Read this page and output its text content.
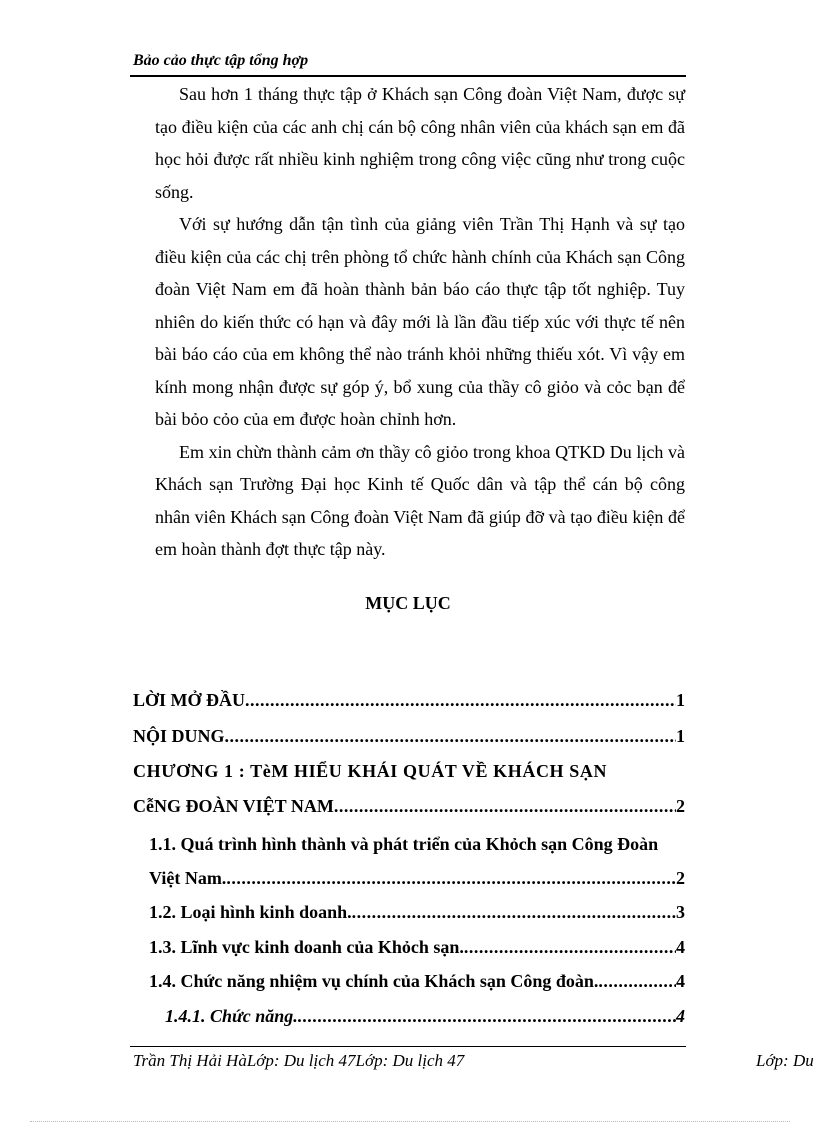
Bảo cảo thực tập tổng hợp

Sau hơn 1 tháng thực tập ở Khách sạn Công đoàn Việt Nam, được sự tạo điều kiện của các anh chị cán bộ công nhân viên của khách sạn em đã học hỏi được rất nhiều kinh nghiệm trong công việc cũng như trong cuộc sống.

Với sự hướng dẫn tận tình của giảng viên Trần Thị Hạnh và sự tạo điều kiện của các chị trên phòng tổ chức hành chính của Khách sạn Công đoàn Việt Nam em đã hoàn thành bản báo cáo thực tập tốt nghiệp. Tuy nhiên do kiến thức có hạn và đây mới là lần đầu tiếp xúc với thực tế nên bài báo cáo của em không thể nào tránh khỏi những thiếu xót. Vì vậy em kính mong nhận được sự góp ý, bổ xung của thầy cô giỏo và cỏc bạn để bài bỏo cỏo của em được hoàn chỉnh hơn.

Em xin chừn thành cảm ơn thầy cô giỏo trong khoa QTKD Du lịch và Khách sạn Trường Đại học Kinh tế Quốc dân và tập thể cán bộ công nhân viên Khách sạn Công đoàn Việt Nam đã giúp đỡ và tạo điều kiện để em hoàn thành đợt thực tập này.

MỤC LỤC
LỜI MỞ ĐẦU .....	1
NỘI DUNG .....	1
CHƯƠNG 1 : TèM HIỂU KHÁI QUÁT VỀ KHÁCH SẠN
CễNG ĐOÀN VIỆT NAM .....	2
1.1. Quá trình hình thành và phát triển của Khỏch sạn Công Đoàn
Việt Nam. .....	2
1.2. Loại hình kinh doanh. .....	3
1.3. Lĩnh vực kinh doanh của Khỏch sạn. .....	4
1.4. Chức năng nhiệm vụ chính của Khách sạn Công đoàn. .....	4
1.4.1. Chức năng. .....	4
Trần Thị Hải HàLớp: Du lịch 47Lớp: Du lịch 47	Lớp: Du
